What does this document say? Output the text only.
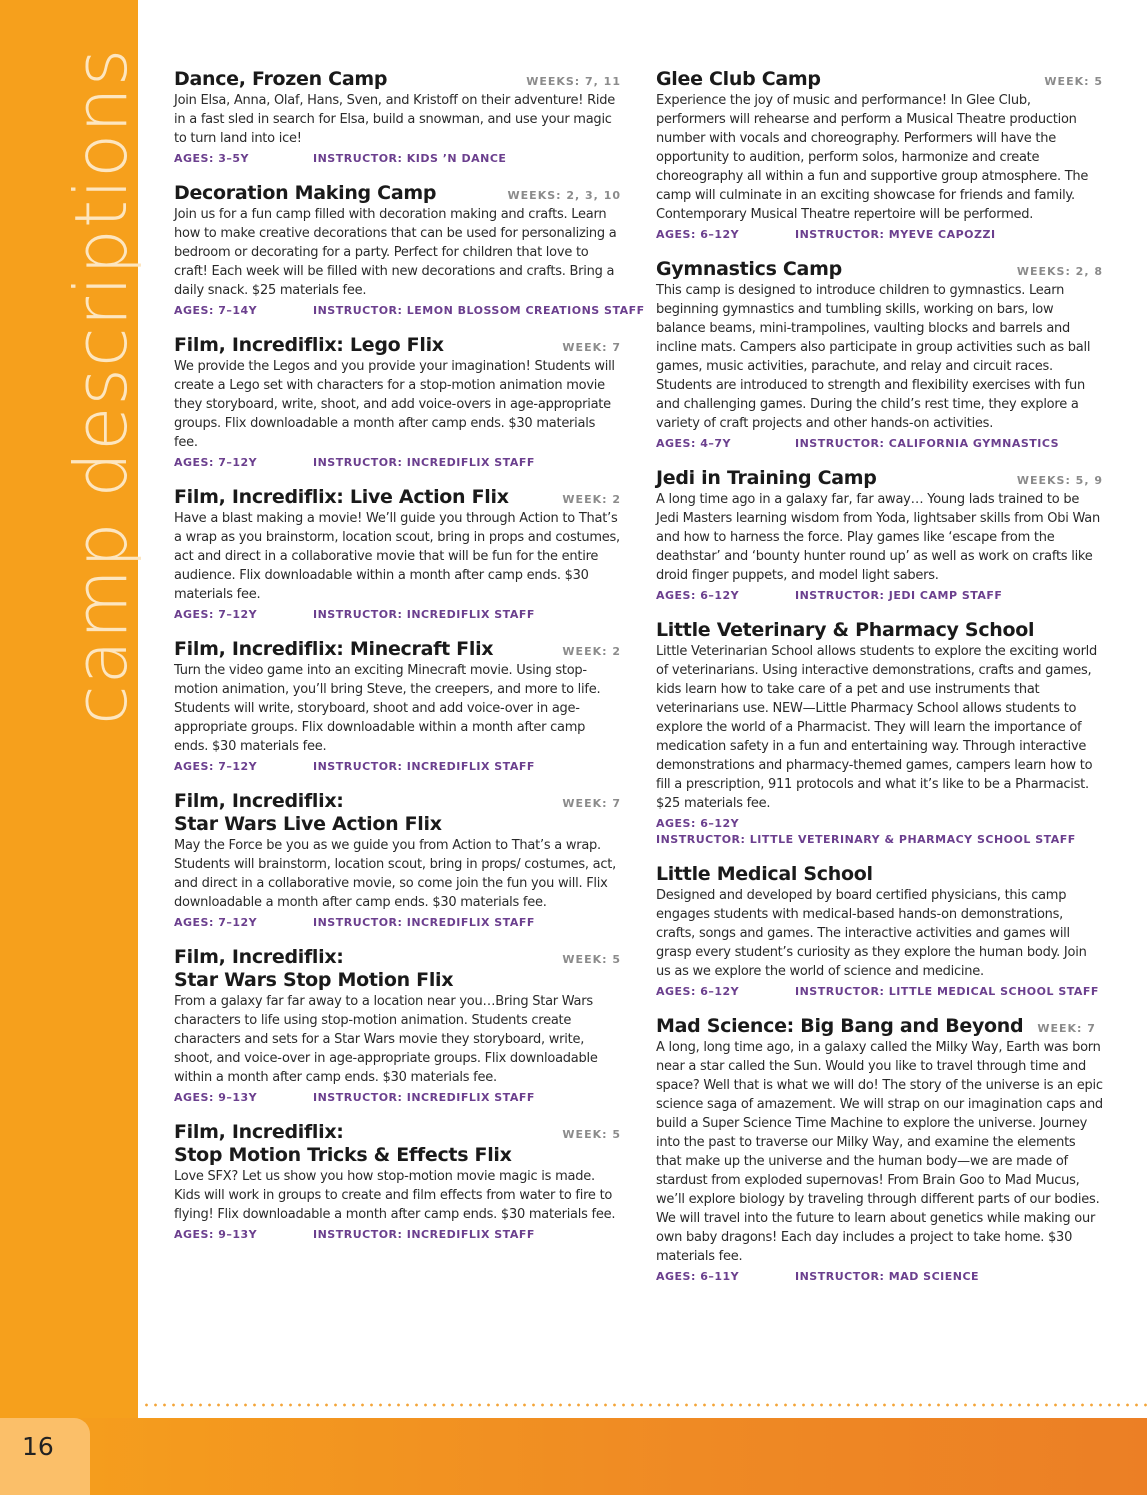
camp descriptions Dance, Frozen Camp	WEEKS: 7, 11

Join Elsa, Anna, Olaf, Hans, Sven, and Kristoff on their adventure! Ride in a fast sled in search for Elsa, build a snowman, and use your magic to turn land into ice!

AGES: 3–5Y	INSTRUCTOR: KIDS ’N DANCE
Decoration Making Camp	WEEKS: 2, 3, 10

Join us for a fun camp filled with decoration making and crafts. Learn how to make creative decorations that can be used for personalizing a bedroom or decorating for a party. Perfect for children that love to craft! Each week will be filled with new decorations and crafts. Bring a daily snack. $25 materials fee.

AGES: 7–14Y	INSTRUCTOR: LEMON BLOSSOM CREATIONS STAFF
Film, Incrediflix: Lego Flix	WEEK: 7

We provide the Legos and you provide your imagination! Students will create a Lego set with characters for a stop-motion animation movie they storyboard, write, shoot, and add voice-overs in age-appropriate groups. Flix downloadable a month after camp ends. $30 materials fee.

AGES: 7–12Y	INSTRUCTOR: INCREDIFLIX STAFF
Film, Incrediflix: Live Action Flix	WEEK: 2

Have a blast making a movie! We’ll guide you through Action to That’s a wrap as you brainstorm, location scout, bring in props and costumes, act and direct in a collaborative movie that will be fun for the entire audience. Flix downloadable within a month after camp ends. $30 materials fee.

AGES: 7–12Y	INSTRUCTOR: INCREDIFLIX STAFF
Film, Incrediflix: Minecraft Flix	WEEK: 2

Turn the video game into an exciting Minecraft movie. Using stop-motion animation, you’ll bring Steve, the creepers, and more to life. Students will write, storyboard, shoot and add voice-over in age-appropriate groups. Flix downloadable within a month after camp ends. $30 materials fee.

AGES: 7–12Y	INSTRUCTOR: INCREDIFLIX STAFF
Film, Incrediflix:
Star Wars Live Action Flix
WEEK: 7

May the Force be you as we guide you from Action to That’s a wrap. Students will brainstorm, location scout, bring in props/ costumes, act, and direct in a collaborative movie, so come join the fun you will. Flix downloadable a month after camp ends. $30 materials fee.

AGES: 7–12Y	INSTRUCTOR: INCREDIFLIX STAFF
Film, Incrediflix:
Star Wars Stop Motion Flix
WEEK: 5

From a galaxy far far away to a location near you…Bring Star Wars characters to life using stop-motion animation. Students create characters and sets for a Star Wars movie they storyboard, write, shoot, and voice-over in age-appropriate groups. Flix downloadable within a month after camp ends. $30 materials fee.

AGES: 9–13Y	INSTRUCTOR: INCREDIFLIX STAFF
Film, Incrediflix:
Stop Motion Tricks & Effects Flix
WEEK: 5

Love SFX? Let us show you how stop-motion movie magic is made. Kids will work in groups to create and film effects from water to fire to flying! Flix downloadable a month after camp ends. $30 materials fee.

AGES: 9–13Y	INSTRUCTOR: INCREDIFLIX STAFF
Glee Club Camp	WEEK: 5

Experience the joy of music and performance! In Glee Club, performers will rehearse and perform a Musical Theatre production number with vocals and choreography. Performers will have the opportunity to audition, perform solos, harmonize and create choreography all within a fun and supportive group atmosphere. The camp will culminate in an exciting showcase for friends and family. Contemporary Musical Theatre repertoire will be performed.

AGES: 6–12Y	INSTRUCTOR: MYEVE CAPOZZI
Gymnastics Camp	WEEKS: 2, 8

This camp is designed to introduce children to gymnastics. Learn beginning gymnastics and tumbling skills, working on bars, low balance beams, mini-trampolines, vaulting blocks and barrels and incline mats. Campers also participate in group activities such as ball games, music activities, parachute, and relay and circuit races. Students are introduced to strength and flexibility exercises with fun and challenging games. During the child’s rest time, they explore a variety of craft projects and other hands-on activities.

AGES: 4–7Y	INSTRUCTOR: CALIFORNIA GYMNASTICS
Jedi in Training Camp	WEEKS: 5, 9

A long time ago in a galaxy far, far away… Young lads trained to be Jedi Masters learning wisdom from Yoda, lightsaber skills from Obi Wan and how to harness the force. Play games like ‘escape from the deathstar’ and ‘bounty hunter round up’ as well as work on crafts like droid finger puppets, and model light sabers.

AGES: 6–12Y	INSTRUCTOR: JEDI CAMP STAFF
Little Veterinary & Pharmacy School

Little Veterinarian School allows students to explore the exciting world of veterinarians. Using interactive demonstrations, crafts and games, kids learn how to take care of a pet and use instruments that veterinarians use. NEW—Little Pharmacy School allows students to explore the world of a Pharmacist. They will learn the importance of medication safety in a fun and entertaining way. Through interactive demonstrations and pharmacy-themed games, campers learn how to fill a prescription, 911 protocols and what it’s like to be a Pharmacist. $25 materials fee.

AGES: 6–12Y
INSTRUCTOR: LITTLE VETERINARY & PHARMACY SCHOOL STAFF
Little Medical School

Designed and developed by board certified physicians, this camp engages students with medical-based hands-on demonstrations, crafts, songs and games. The interactive activities and games will grasp every student’s curiosity as they explore the human body. Join us as we explore the world of science and medicine.

AGES: 6–12Y	INSTRUCTOR: LITTLE MEDICAL SCHOOL STAFF
Mad Science: Big Bang and Beyond WEEK: 7

A long, long time ago, in a galaxy called the Milky Way, Earth was born near a star called the Sun. Would you like to travel through time and space? Well that is what we will do! The story of the universe is an epic science saga of amazement. We will strap on our imagination caps and build a Super Science Time Machine to explore the universe. Journey into the past to traverse our Milky Way, and examine the elements that make up the universe and the human body—we are made of stardust from exploded supernovas! From Brain Goo to Mad Mucus, we’ll explore biology by traveling through different parts of our bodies. We will travel into the future to learn about genetics while making our own baby dragons! Each day includes a project to take home. $30 materials fee.

AGES: 6–11Y	INSTRUCTOR: MAD SCIENCE
16
